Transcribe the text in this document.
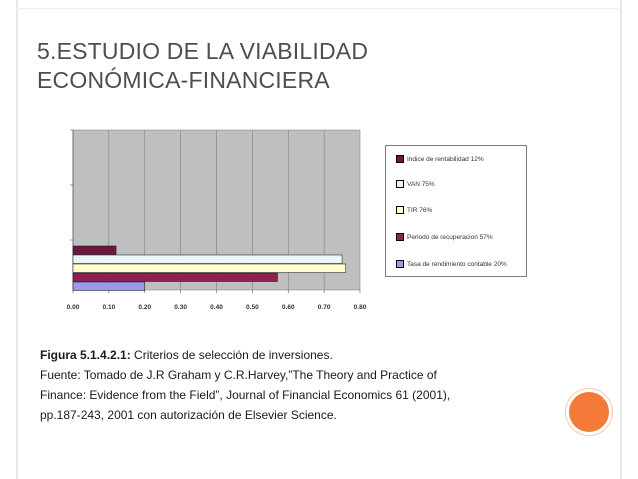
5.ESTUDIO DE LA VIABILIDAD
ECONÓMICA-FINANCIERA
0.00	0.10	0.20	0.30	0.40	0.50	0.60	0.70	0.80
Indice de rentabilidad 12%
VAN 75%
TIR 76%
Periodo de recuperacion 57%
Tasa de rendimiento contable 20%
Figura 5.1.4.2.1: Criterios de selección de inversiones.
Fuente: Tomado de J.R Graham y C.R.Harvey,”The Theory and Practice of
Finance: Evidence from the Field”, Journal of Financial Economics 61 (2001),
pp.187-243, 2001 con autorización de Elsevier Science.
